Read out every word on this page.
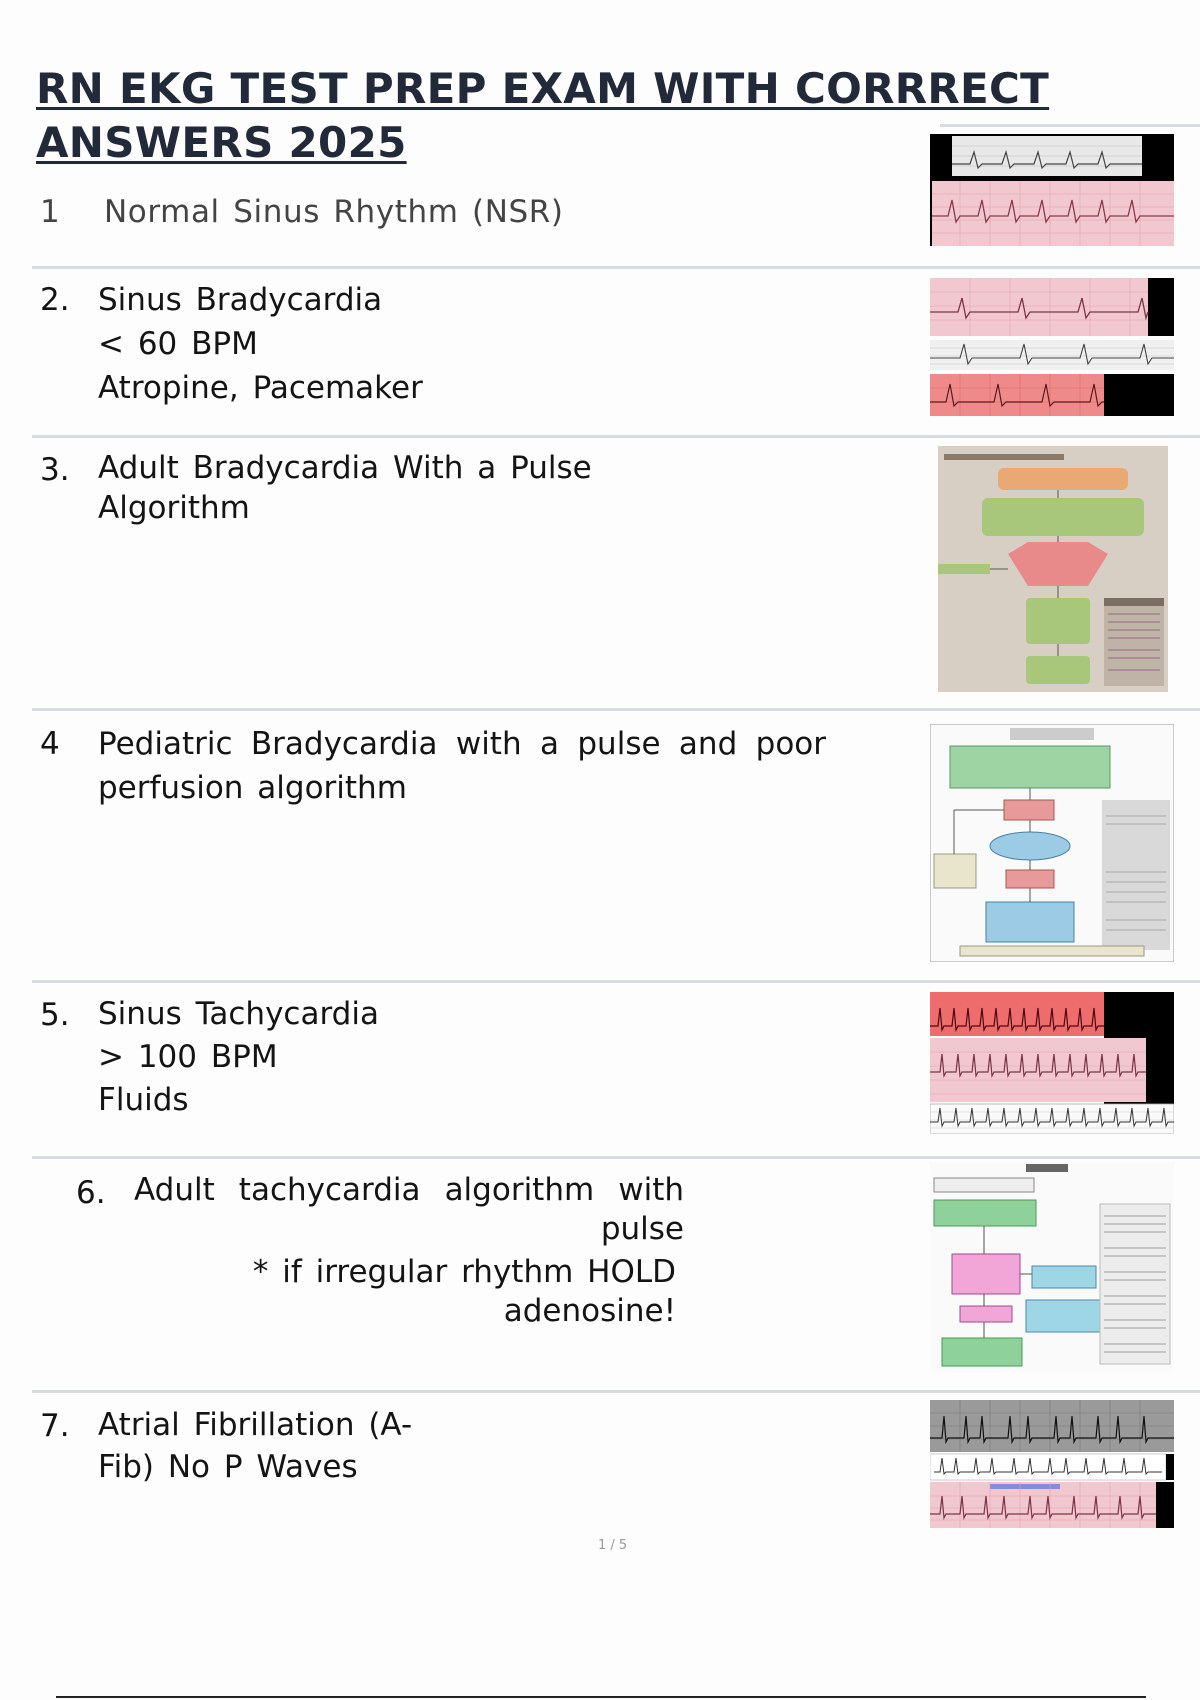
RN EKG TEST PREP EXAM WITH CORRRECT ANSWERS 2025
1 Normal Sinus Rhythm (NSR)
2. Sinus Bradycardia
< 60 BPM
Atropine, Pacemaker
3. Adult Bradycardia With a Pulse
Algorithm
4 Pediatric Bradycardia with a pulse and poor
perfusion algorithm
5. Sinus Tachycardia
> 100 BPM
Fluids
6. Adult tachycardia algorithm with
pulse
* if irregular rhythm HOLD
adenosine!
7. Atrial Fibrillation (A-
Fib) No P Waves
1 / 5
